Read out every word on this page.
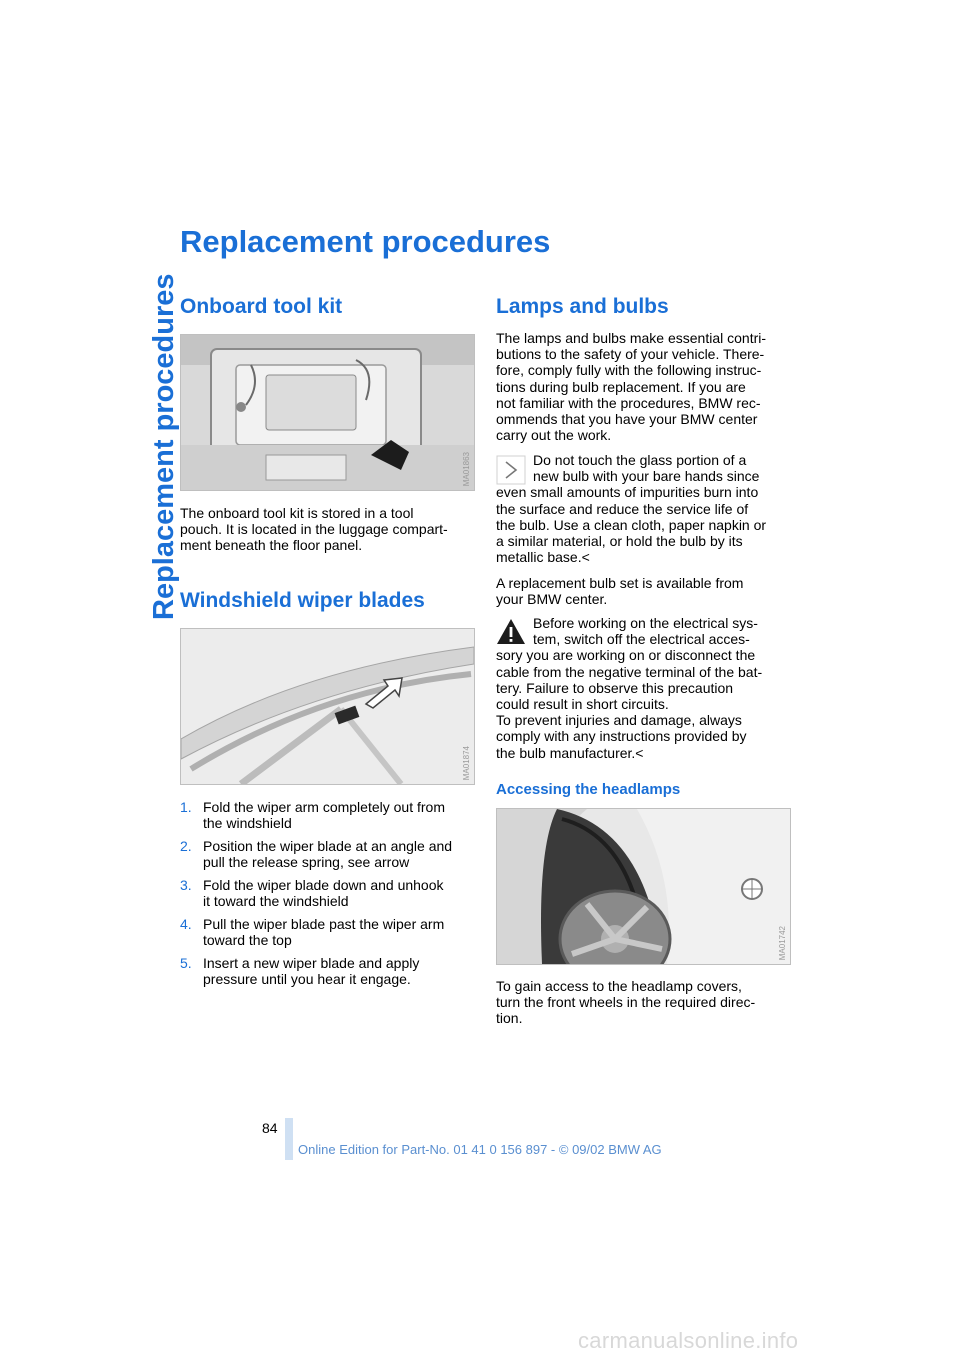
Replacement procedures
Replacement procedures
Onboard tool kit
MA01863

The onboard tool kit is stored in a tool
pouch. It is located in the luggage compart-
ment beneath the floor panel.

Windshield wiper blades
MA01874
1. Fold the wiper arm completely out from
the windshield
2. Position the wiper blade at an angle and
pull the release spring, see arrow
3. Fold the wiper blade down and unhook
it toward the windshield
4. Pull the wiper blade past the wiper arm
toward the top
5. Insert a new wiper blade and apply
pressure until you hear it engage.
Lamps and bulbs

The lamps and bulbs make essential contri-
butions to the safety of your vehicle. There-
fore, comply fully with the following instruc-
tions during bulb replacement. If you are
not familiar with the procedures, BMW rec-
ommends that you have your BMW center
carry out the work.

Do not touch the glass portion of a
new bulb with your bare hands since

even small amounts of impurities burn into
the surface and reduce the service life of
the bulb. Use a clean cloth, paper napkin or
a similar material, or hold the bulb by its
metallic base.<

A replacement bulb set is available from
your BMW center.

Before working on the electrical sys-
tem, switch off the electrical acces-

sory you are working on or disconnect the
cable from the negative terminal of the bat-
tery. Failure to observe this precaution
could result in short circuits.
To prevent injuries and damage, always
comply with any instructions provided by
the bulb manufacturer.<

Accessing the headlamps
MA01742

To gain access to the headlamp covers,
turn the front wheels in the required direc-
tion.

84
Online Edition for Part-No. 01 41 0 156 897 - © 09/02 BMW AG
carmanualsonline.info
